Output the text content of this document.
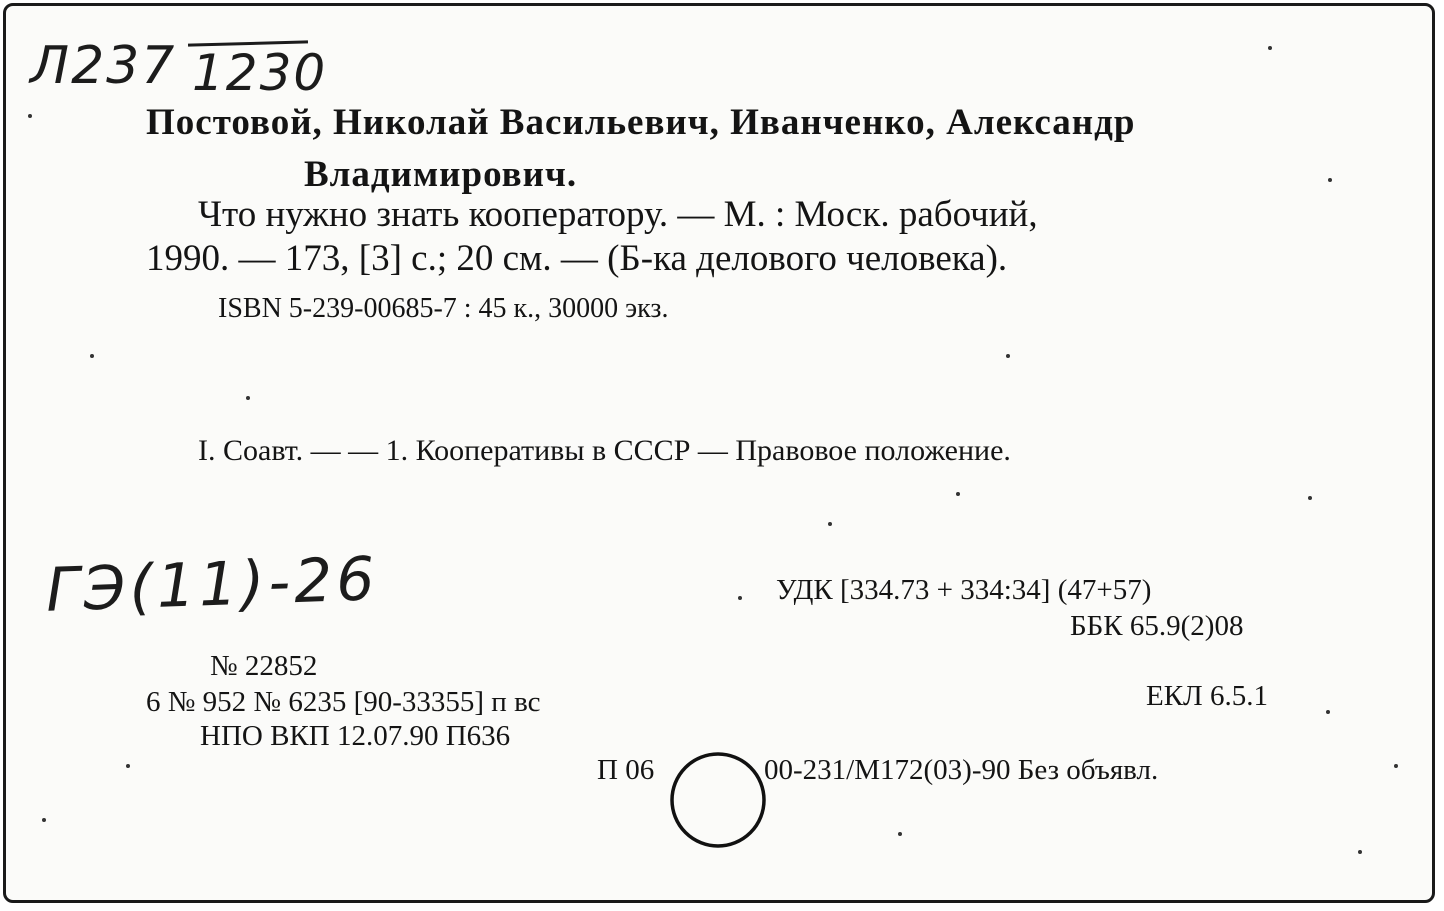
Л237 1230
Постовой, Николай Васильевич, Иванченко, Александр
Владимирович.
Что нужно знать кооператору. — М. : Моск. рабочий,
1990. — 173, [3] с.; 20 см. — (Б-ка делового человека).
ISBN 5-239-00685-7 : 45 к., 30000 экз.
I. Соавт. — — 1. Кооперативы в СССР — Правовое положение.
ГЭ(11)-26	УДК [334.73 + 334:34] (47+57)
ББК 65.9(2)08
ЕКЛ 6.5.1
№ 22852
6 № 952 № 6235 [90-33355] п вс
НПО ВКП 12.07.90 П636
П 06	00-231/М172(03)-90 Без объявл.
